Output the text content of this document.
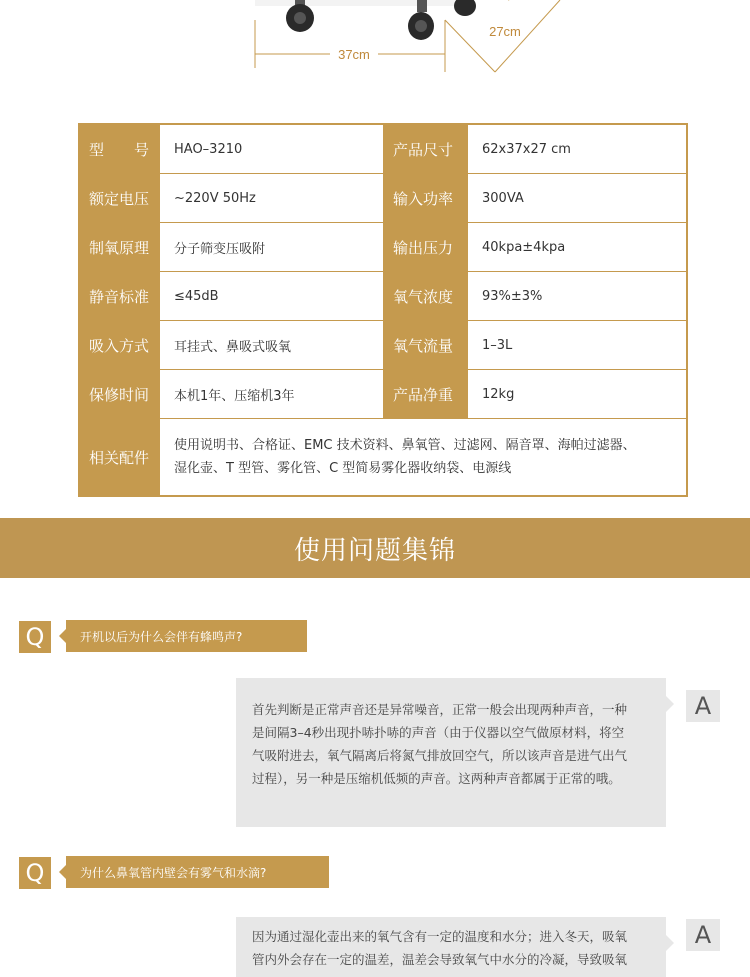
37cm
27cm
型　　号	HAO–3210	产品尺寸	62x37x27 cm
额定电压	~220V 50Hz	输入功率	300VA
制氧原理	分子筛变压吸附	输出压力	40kpa±4kpa
静音标准	≤45dB	氧气浓度	93%±3%
吸入方式	耳挂式、鼻吸式吸氧	氧气流量	1–3L
保修时间	本机1年、压缩机3年	产品净重	12kg
相关配件
使用说明书、合格证、EMC 技术资料、鼻氧管、过滤网、隔音罩、海帕过滤器、
湿化壶、T 型管、雾化管、C 型简易雾化器收纳袋、电源线
使用问题集锦
Q	开机以后为什么会伴有蜂鸣声?
首先判断是正常声音还是异常噪音，正常一般会出现两种声音，一种
是间隔3–4秒出现扑哧扑哧的声音（由于仪器以空气做原材料，将空
气吸附进去，氧气隔离后将氮气排放回空气，所以该声音是进气出气
过程），另一种是压缩机低频的声音。这两种声音都属于正常的哦。
A
Q	为什么鼻氧管内壁会有雾气和水滴?
因为通过湿化壶出来的氧气含有一定的温度和水分；进入冬天，吸氧
管内外会存在一定的温差，温差会导致氧气中水分的冷凝，导致吸氧
A
